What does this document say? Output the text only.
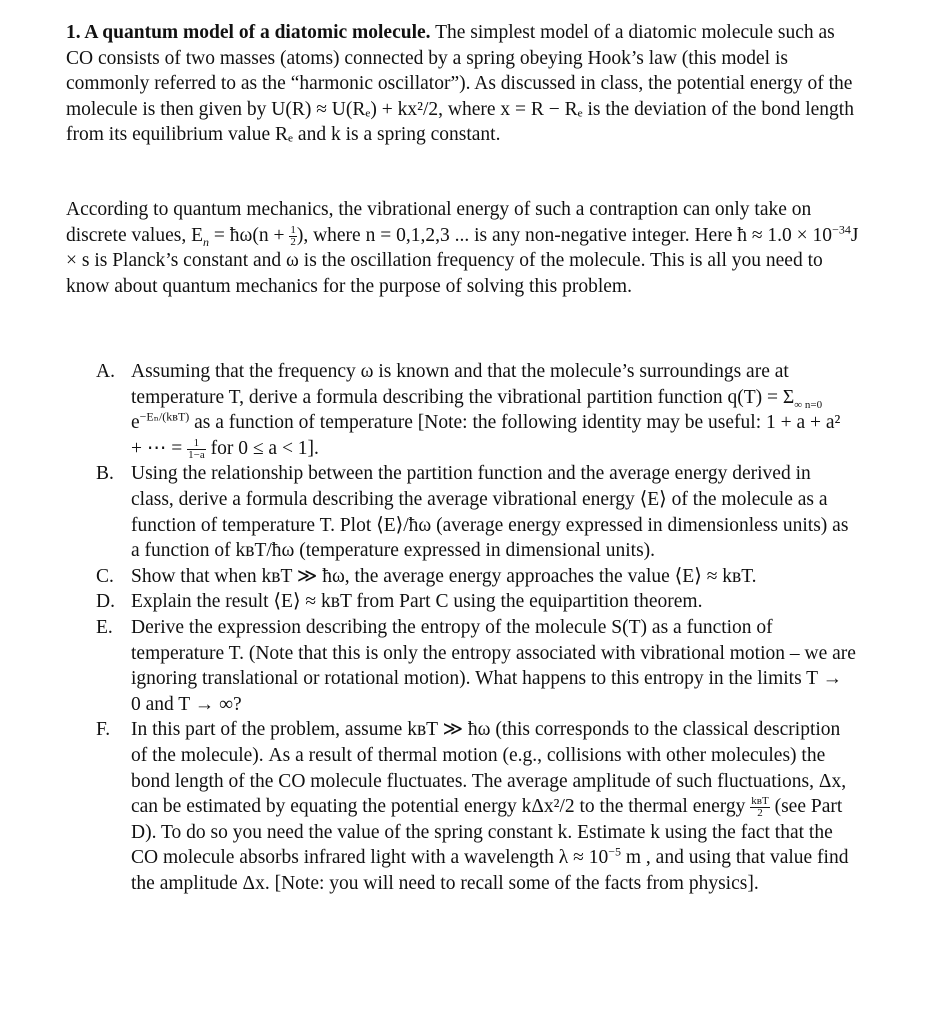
1. A quantum model of a diatomic molecule. The simplest model of a diatomic molecule such as CO consists of two masses (atoms) connected by a spring obeying Hook’s law (this model is commonly referred to as the “harmonic oscillator”). As discussed in class, the potential energy of the molecule is then given by U(R) ≈ U(Rₑ) + kx²/2, where x = R − Rₑ is the deviation of the bond length from its equilibrium value Rₑ and k is a spring constant.

According to quantum mechanics, the vibrational energy of such a contraption can only take on discrete values, $E_n$ = ħω(n + $\frac{1}{2}$ ), where n = 0,1,2,3 ... is any non-negative integer. Here ħ ≈ $1.0 \times 10^{-34}J \times s$ is Planck’s constant and ω is the oscillation frequency of the molecule. This is all you need to know about quantum mechanics for the purpose of solving this problem.

A. Assuming that the frequency ω is known and that the molecule’s surroundings are at temperature T, derive a formula describing the vibrational partition function $q(T) = \Sigma_{\infty n=0}$ $e^{-E_n/(kʙT)}$ as a function of temperature [Note: the following identity may be useful: 1 + a + a² + ⋯ = $\frac{1}{1-a}$ for 0 ≤ a < 1].
B. Using the relationship between the partition function and the average energy derived in class, derive a formula describing the average vibrational energy ⟨E⟩ of the molecule as a function of temperature T. Plot ⟨E⟩/ħω (average energy expressed in dimensionless units) as a function of kʙT/ħω (temperature expressed in dimensional units).
C. Show that when kʙT ≫ ħω, the average energy approaches the value ⟨E⟩ ≈ kʙT.
D. Explain the result ⟨E⟩ ≈ kʙT from Part C using the equipartition theorem.
E. Derive the expression describing the entropy of the molecule S(T) as a function of temperature T. (Note that this is only the entropy associated with vibrational motion – we are ignoring translational or rotational motion). What happens to this entropy in the limits T → 0 and T → ∞?
F. In this part of the problem, assume kʙT ≫ ħω (this corresponds to the classical description of the molecule). As a result of thermal motion (e.g., collisions with other molecules) the bond length of the CO molecule fluctuates. The average amplitude of such fluctuations, Δx, can be estimated by equating the potential energy kΔx²/2 to the thermal energy $\frac{\text{kʙT}}{2} (see$ Part D). To do so you need the value of the spring constant k. Estimate k using the fact that the CO molecule absorbs infrared light with a wavelength $\lambda \approx 10^{-5}$ m , and using that value find the amplitude Δx. [Note: you will need to recall some of the facts from physics].
